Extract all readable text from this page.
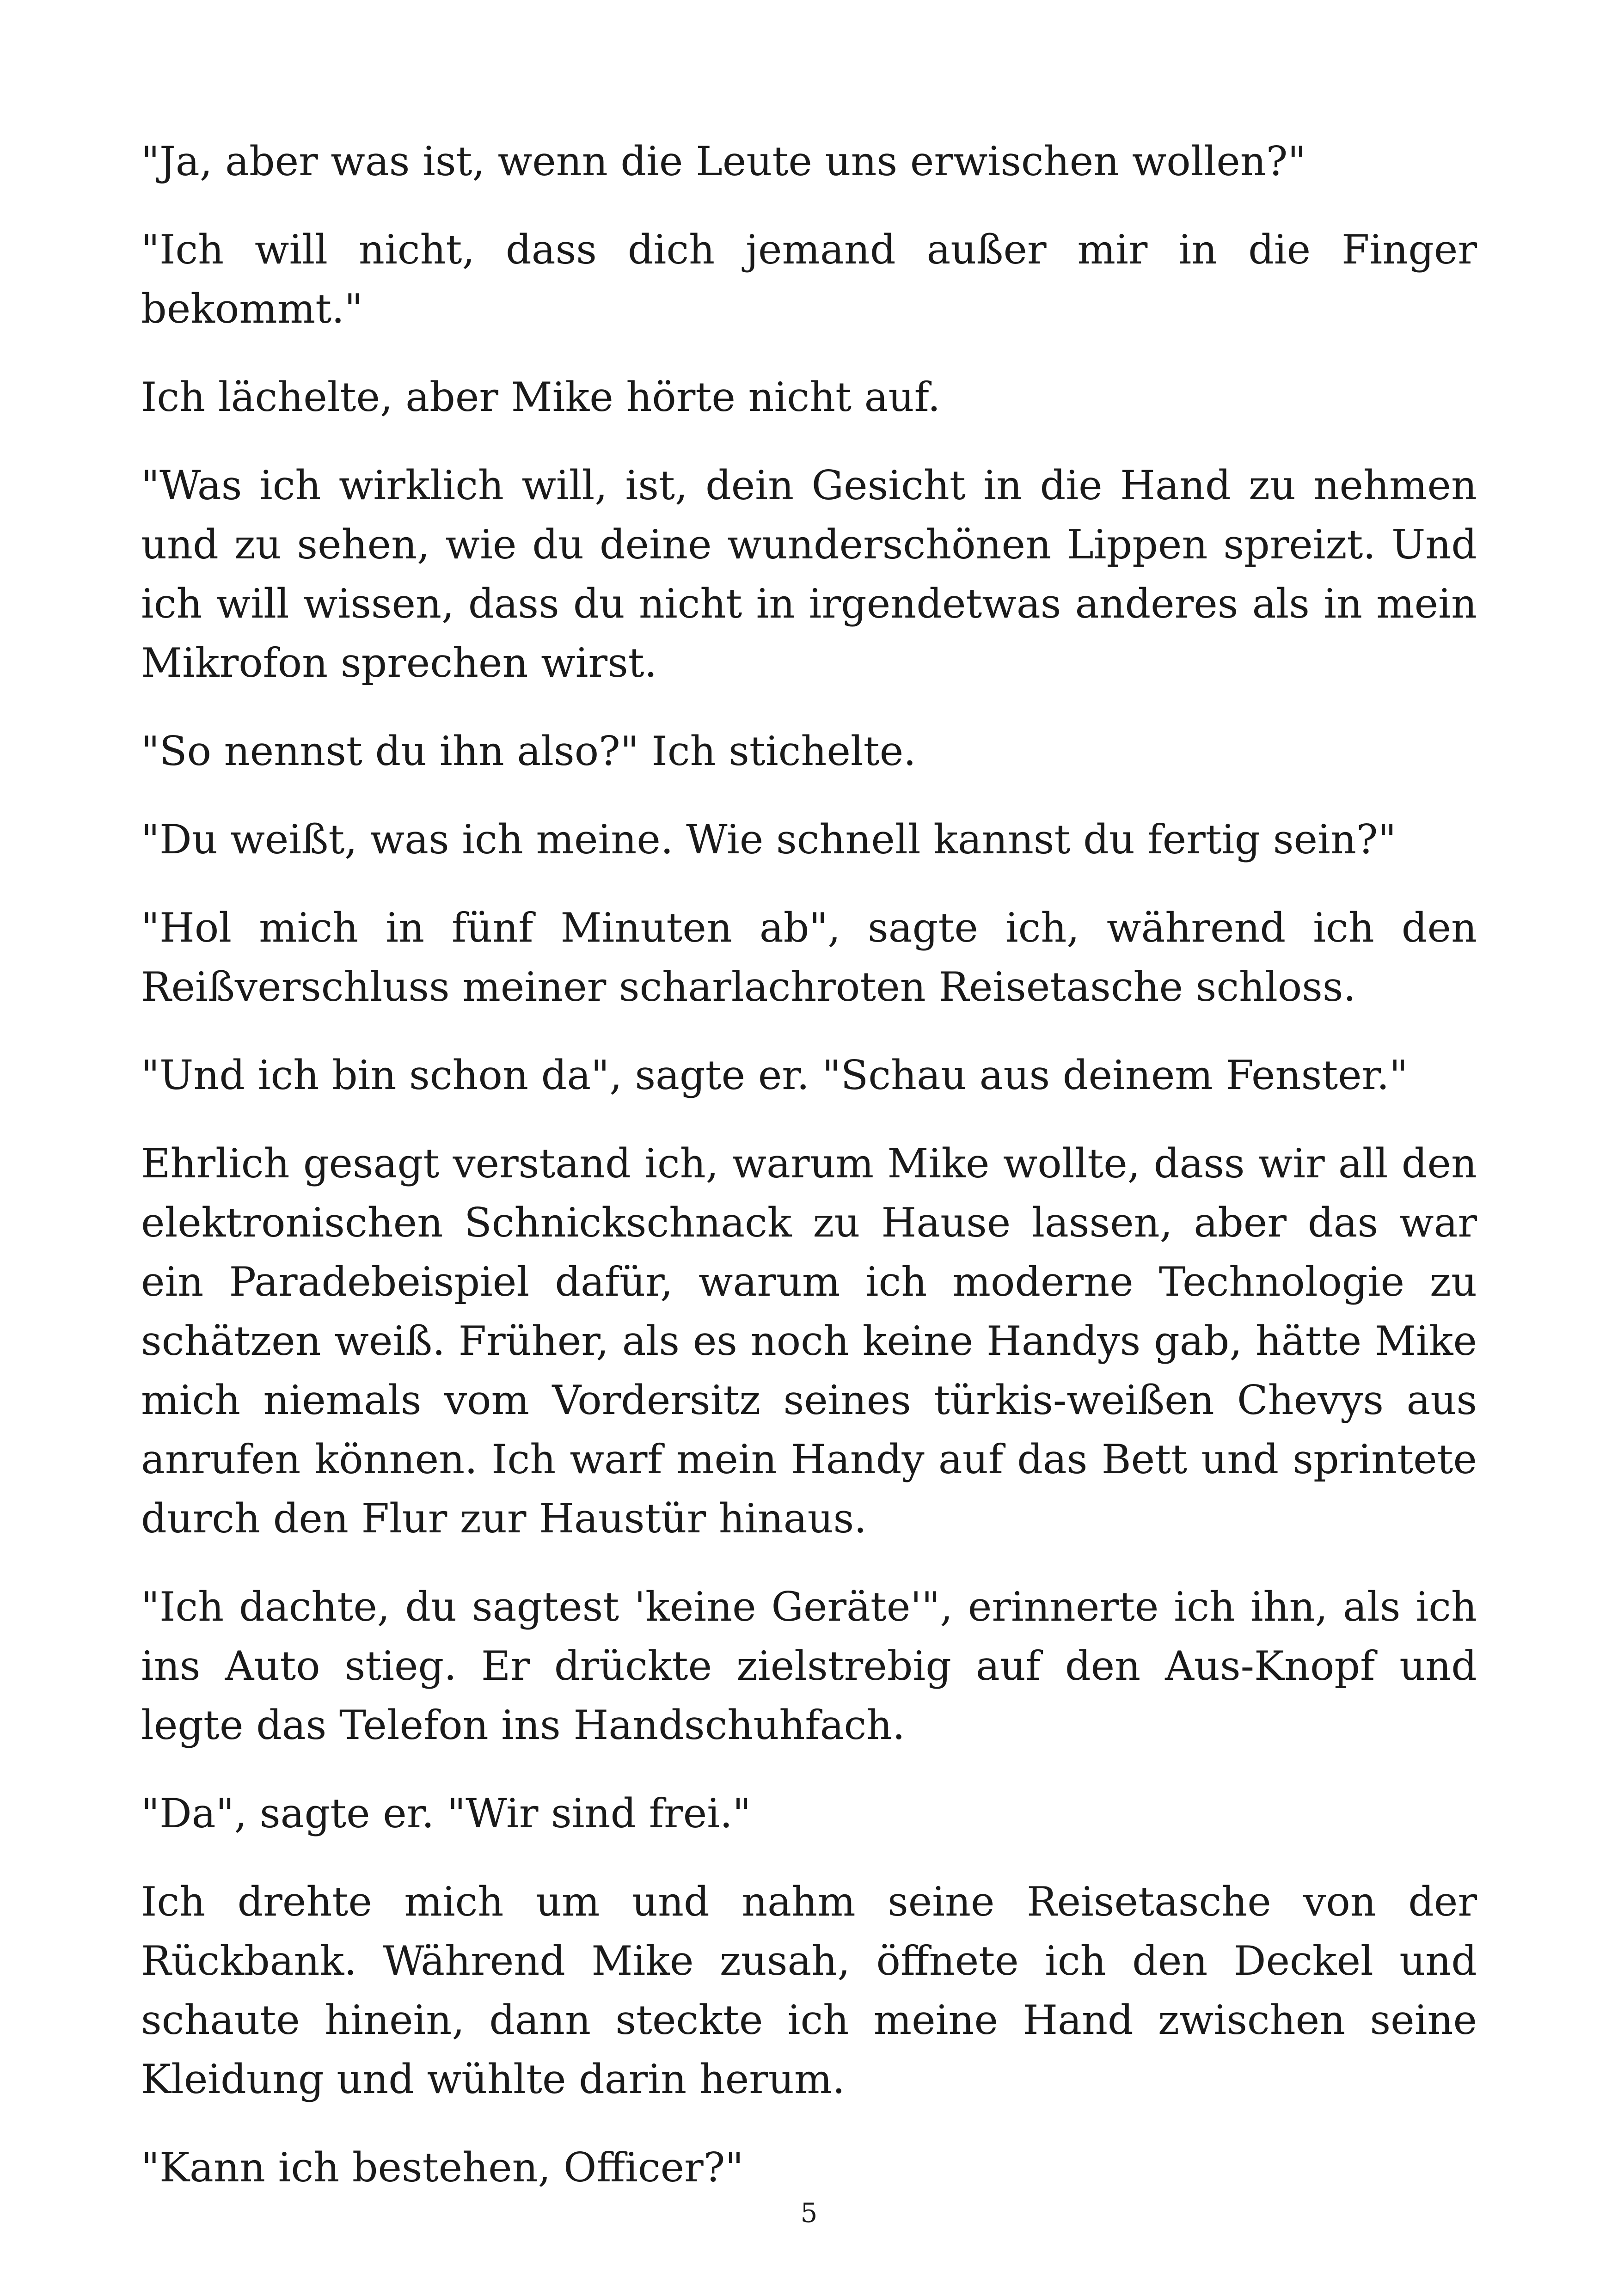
"Ja, aber was ist, wenn die Leute uns erwischen wollen?"

"Ich will nicht, dass dich jemand außer mir in die Finger bekommt."

Ich lächelte, aber Mike hörte nicht auf.

"Was ich wirklich will, ist, dein Gesicht in die Hand zu nehmen und zu sehen, wie du deine wunderschönen Lippen spreizt. Und ich will wissen, dass du nicht in irgendetwas anderes als in mein Mikrofon sprechen wirst.

"So nennst du ihn also?" Ich stichelte.

"Du weißt, was ich meine. Wie schnell kannst du fertig sein?"

"Hol mich in fünf Minuten ab", sagte ich, während ich den Reißverschluss meiner scharlachroten Reisetasche schloss.

"Und ich bin schon da", sagte er. "Schau aus deinem Fenster."

Ehrlich gesagt verstand ich, warum Mike wollte, dass wir all den elektronischen Schnickschnack zu Hause lassen, aber das war ein Paradebeispiel dafür, warum ich moderne Technologie zu schätzen weiß. Früher, als es noch keine Handys gab, hätte Mike mich niemals vom Vordersitz seines türkis-weißen Chevys aus anrufen können. Ich warf mein Handy auf das Bett und sprintete durch den Flur zur Haustür hinaus.

"Ich dachte, du sagtest 'keine Geräte'", erinnerte ich ihn, als ich ins Auto stieg. Er drückte zielstrebig auf den Aus-Knopf und legte das Telefon ins Handschuhfach.

"Da", sagte er. "Wir sind frei."

Ich drehte mich um und nahm seine Reisetasche von der Rückbank. Während Mike zusah, öffnete ich den Deckel und schaute hinein, dann steckte ich meine Hand zwischen seine Kleidung und wühlte darin herum.

"Kann ich bestehen, Officer?"

5
